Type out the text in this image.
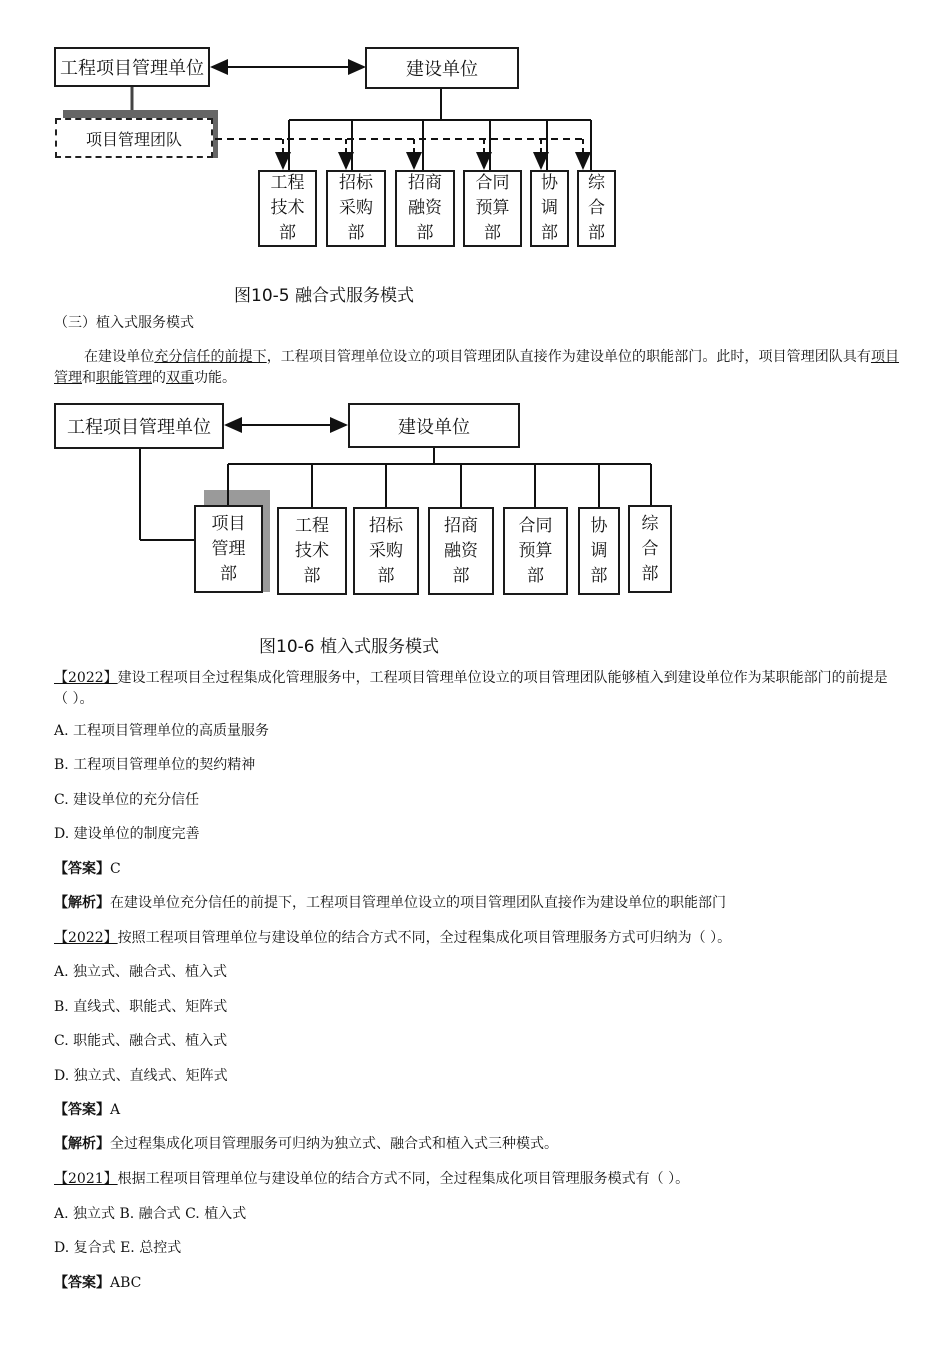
工程项目管理单位	建设单位
项目管理团队
工程
技术
部
招标
采购
部
招商
融资
部
合同
预算
部
协
调
部
综
合
部
图10-5 融合式服务模式
（三）植入式服务模式
在建设单位充分信任的前提下，工程项目管理单位设立的项目管理团队直接作为建设单位的职能部门。此时，项目管理团队具有项目管理和职能管理的双重功能。
工程项目管理单位	建设单位
项目
管理
部
工程
技术
部
招标
采购
部
招商
融资
部
合同
预算
部
协
调
部
综
合
部
图10-6 植入式服务模式
【2022】建设工程项目全过程集成化管理服务中，工程项目管理单位设立的项目管理团队能够植入到建设单位作为某职能部门的前提是（ ）。
A. 工程项目管理单位的高质量服务
B. 工程项目管理单位的契约精神
C. 建设单位的充分信任
D. 建设单位的制度完善
【答案】C
【解析】在建设单位充分信任的前提下，工程项目管理单位设立的项目管理团队直接作为建设单位的职能部门
【2022】按照工程项目管理单位与建设单位的结合方式不同，全过程集成化项目管理服务方式可归纳为（ ）。
A. 独立式、融合式、植入式
B. 直线式、职能式、矩阵式
C. 职能式、融合式、植入式
D. 独立式、直线式、矩阵式
【答案】A
【解析】全过程集成化项目管理服务可归纳为独立式、融合式和植入式三种模式。
【2021】根据工程项目管理单位与建设单位的结合方式不同，全过程集成化项目管理服务模式有（ ）。
A. 独立式 B. 融合式 C. 植入式
D. 复合式 E. 总控式
【答案】ABC
